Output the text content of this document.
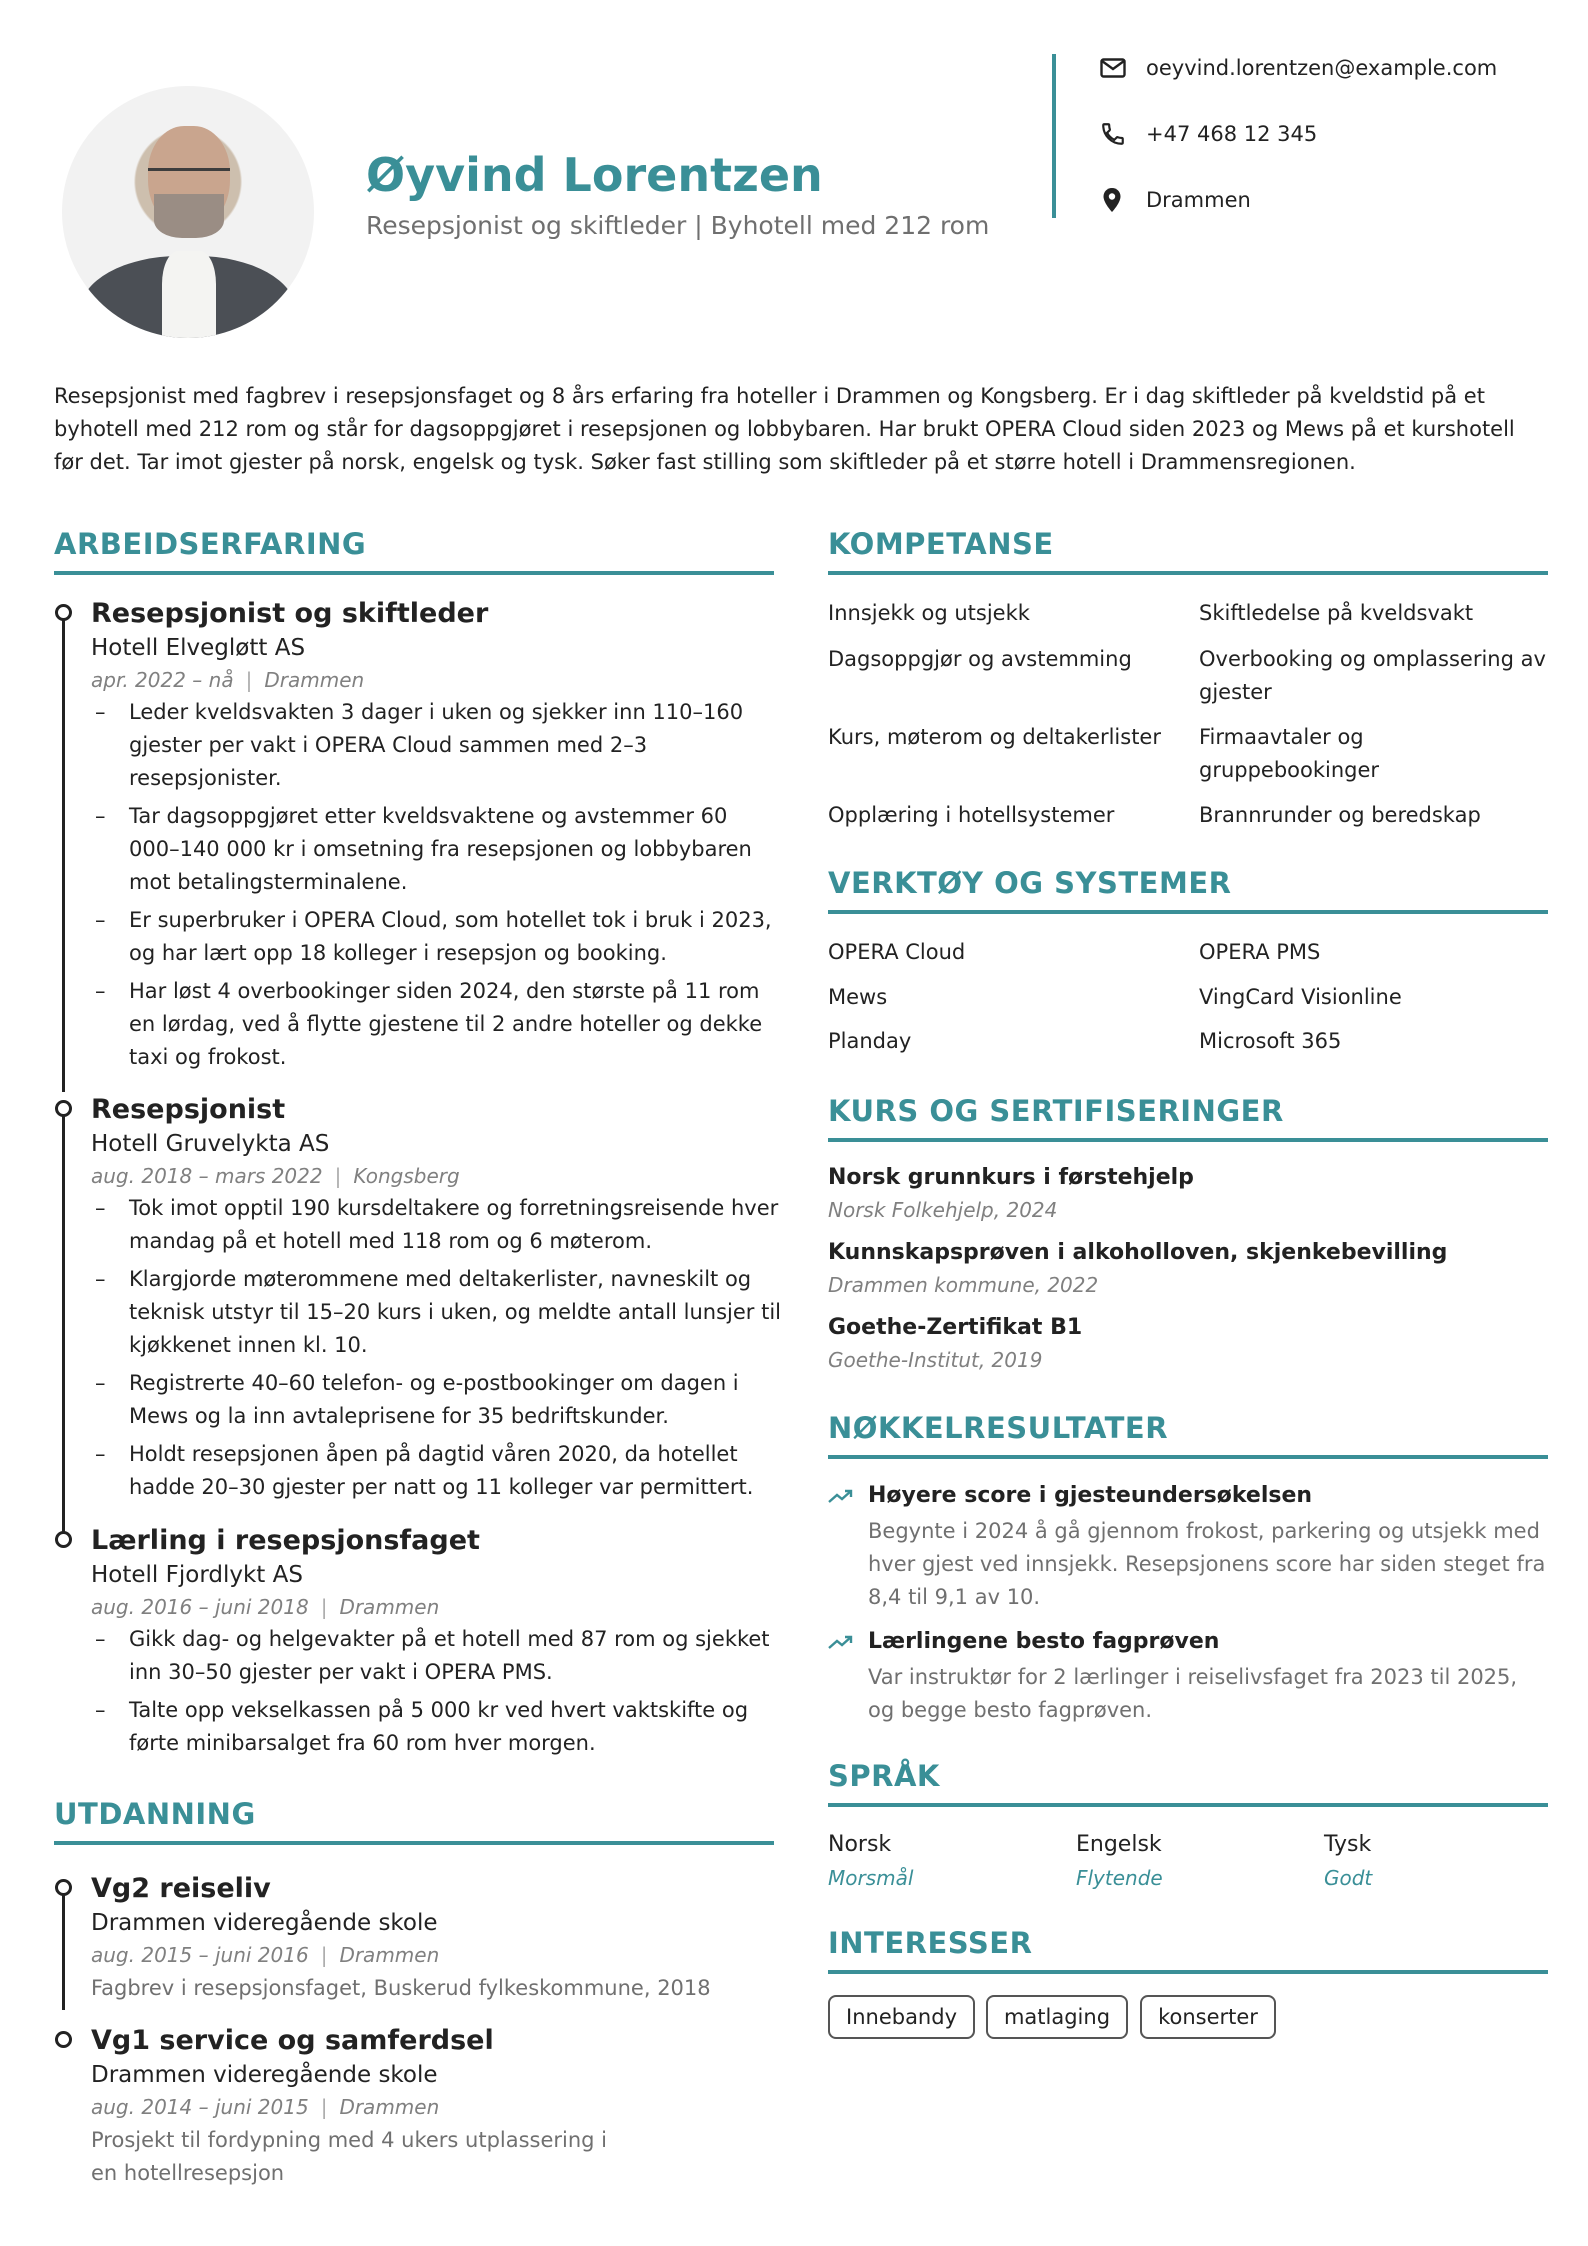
Øyvind Lorentzen
Resepsjonist og skiftleder | Byhotell med 212 rom
oeyvind.lorentzen@example.com
+47 468 12 345
Drammen
Resepsjonist med fagbrev i resepsjonsfaget og 8 års erfaring fra hoteller i Drammen og Kongsberg. Er i dag skiftleder på kveldstid på et byhotell med 212 rom og står for dagsoppgjøret i resepsjonen og lobbybaren. Har brukt OPERA Cloud siden 2023 og Mews på et kurshotell før det. Tar imot gjester på norsk, engelsk og tysk. Søker fast stilling som skiftleder på et større hotell i Drammensregionen.
ARBEIDSERFARING
Resepsjonist og skiftleder
Hotell Elvegløtt AS
apr. 2022 – nå | Drammen
– Leder kveldsvakten 3 dager i uken og sjekker inn 110–160 gjester per vakt i OPERA Cloud sammen med 2–3 resepsjonister.
– Tar dagsoppgjøret etter kveldsvaktene og avstemmer 60 000–140 000 kr i omsetning fra resepsjonen og lobbybaren mot betalingsterminalene.
– Er superbruker i OPERA Cloud, som hotellet tok i bruk i 2023, og har lært opp 18 kolleger i resepsjon og booking.
– Har løst 4 overbookinger siden 2024, den største på 11 rom en lørdag, ved å flytte gjestene til 2 andre hoteller og dekke taxi og frokost.
Resepsjonist
Hotell Gruvelykta AS
aug. 2018 – mars 2022 | Kongsberg
– Tok imot opptil 190 kursdeltakere og forretningsreisende hver mandag på et hotell med 118 rom og 6 møterom.
– Klargjorde møterommene med deltakerlister, navneskilt og teknisk utstyr til 15–20 kurs i uken, og meldte antall lunsjer til kjøkkenet innen kl. 10.
– Registrerte 40–60 telefon- og e-postbookinger om dagen i Mews og la inn avtaleprisene for 35 bedriftskunder.
– Holdt resepsjonen åpen på dagtid våren 2020, da hotellet hadde 20–30 gjester per natt og 11 kolleger var permittert.
Lærling i resepsjonsfaget
Hotell Fjordlykt AS
aug. 2016 – juni 2018 | Drammen
– Gikk dag- og helgevakter på et hotell med 87 rom og sjekket inn 30–50 gjester per vakt i OPERA PMS.
– Talte opp vekselkassen på 5 000 kr ved hvert vaktskifte og førte minibarsalget fra 60 rom hver morgen.
UTDANNING
Vg2 reiseliv
Drammen videregående skole
aug. 2015 – juni 2016 | Drammen
Fagbrev i resepsjonsfaget, Buskerud fylkeskommune, 2018
Vg1 service og samferdsel
Drammen videregående skole
aug. 2014 – juni 2015 | Drammen
Prosjekt til fordypning med 4 ukers utplassering i en hotellresepsjon
KOMPETANSE
Innsjekk og utsjekk	Skiftledelse på kveldsvakt
Dagsoppgjør og avstemming	Overbooking og omplassering av gjester
Kurs, møterom og deltakerlister	Firmaavtaler og gruppebookinger
Opplæring i hotellsystemer	Brannrunder og beredskap
VERKTØY OG SYSTEMER
OPERA Cloud	OPERA PMS
Mews	VingCard Visionline
Planday	Microsoft 365
KURS OG SERTIFISERINGER
Norsk grunnkurs i førstehjelp
Norsk Folkehjelp, 2024
Kunnskapsprøven i alkoholloven, skjenkebevilling
Drammen kommune, 2022
Goethe-Zertifikat B1
Goethe-Institut, 2019
NØKKELRESULTATER
Høyere score i gjesteundersøkelsen
Begynte i 2024 å gå gjennom frokost, parkering og utsjekk med hver gjest ved innsjekk. Resepsjonens score har siden steget fra 8,4 til 9,1 av 10.
Lærlingene besto fagprøven
Var instruktør for 2 lærlinger i reiselivsfaget fra 2023 til 2025, og begge besto fagprøven.
SPRÅK
Norsk
Morsmål
Engelsk
Flytende
Tysk
Godt
INTERESSER
Innebandy	matlaging	konserter
